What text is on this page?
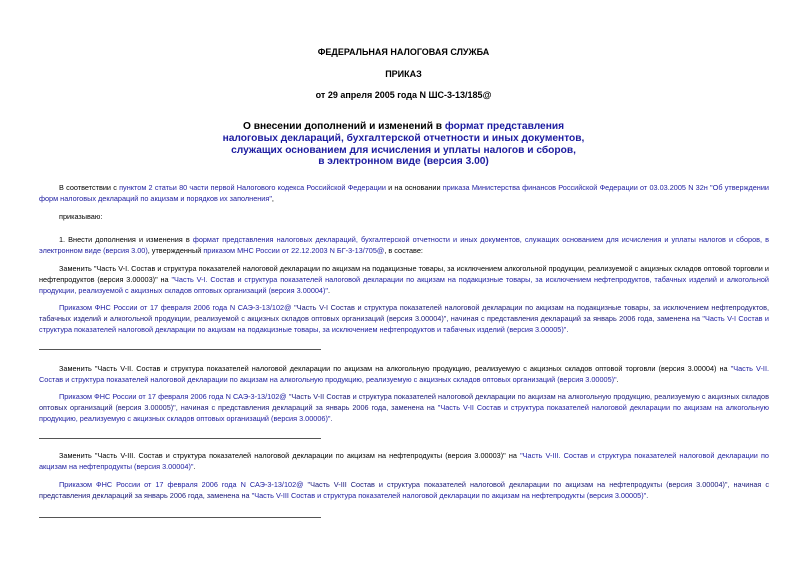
ФЕДЕРАЛЬНАЯ НАЛОГОВАЯ СЛУЖБА
ПРИКАЗ
от 29 апреля 2005 года N ШС-3-13/185@
О внесении дополнений и изменений в формат представления
налоговых деклараций, бухгалтерской отчетности и иных документов,
служащих основанием для исчисления и уплаты налогов и сборов,
в электронном виде (версия 3.00)
В соответствии с пунктом 2 статьи 80 части первой Налогового кодекса Российской Федерации и на основании приказа Министерства финансов Российской Федерации от 03.03.2005 N 32н "Об утверждении форм налоговых деклараций по акцизам и порядков их заполнения",
приказываю:
1. Внести дополнения и изменения в формат представления налоговых деклараций, бухгалтерской отчетности и иных документов, служащих основанием для исчисления и уплаты налогов и сборов, в электронном виде (версия 3.00), утвержденный приказом МНС России от 22.12.2003 N БГ-3-13/705@, в составе:
Заменить "Часть V-I. Состав и структура показателей налоговой декларации по акцизам на подакцизные товары, за исключением алкогольной продукции, реализуемой с акцизных складов оптовой торговли и нефтепродуктов (версия 3.00003)" на "Часть V-I. Состав и структура показателей налоговой декларации по акцизам на подакцизные товары, за исключением нефтепродуктов, табачных изделий и алкогольной продукции, реализуемой с акцизных складов оптовых организаций (версия 3.00004)".
Приказом ФНС России от 17 февраля 2006 года N САЭ-3-13/102@ "Часть V-I Состав и структура показателей налоговой декларации по акцизам на подакцизные товары, за исключением нефтепродуктов, табачных изделий и алкогольной продукции, реализуемой с акцизных складов оптовых организаций (версия 3.00004)", начиная с представления деклараций за январь 2006 года, заменена на "Часть V-I Состав и структура показателей налоговой декларации по акцизам на подакцизные товары, за исключением нефтепродуктов и табачных изделий (версия 3.00005)".
Заменить "Часть V-II. Состав и структура показателей налоговой декларации по акцизам на алкогольную продукцию, реализуемую с акцизных складов оптовой торговли (версия 3.00004) на "Часть V-II. Состав и структура показателей налоговой декларации по акцизам на алкогольную продукцию, реализуемую с акцизных складов оптовых организаций (версия 3.00005)".
Приказом ФНС России от 17 февраля 2006 года N САЭ-3-13/102@ "Часть V-II Состав и структура показателей налоговой декларации по акцизам на алкогольную продукцию, реализуемую с акцизных складов оптовых организаций (версия 3.00005)", начиная с представления деклараций за январь 2006 года, заменена на "Часть V-II Состав и структура показателей налоговой декларации по акцизам на алкогольную продукцию, реализуемую с акцизных складов оптовых организаций (версия 3.00006)".
Заменить "Часть V-III. Состав и структура показателей налоговой декларации по акцизам на нефтепродукты (версия 3.00003)" на "Часть V-III. Состав и структура показателей налоговой декларации по акцизам на нефтепродукты (версия 3.00004)".
Приказом ФНС России от 17 февраля 2006 года N САЭ-3-13/102@ "Часть V-III Состав и структура показателей налоговой декларации по акцизам на нефтепродукты (версия 3.00004)", начиная с представления деклараций за январь 2006 года, заменена на "Часть V-III Состав и структура показателей налоговой декларации по акцизам на нефтепродукты (версия 3.00005)".
